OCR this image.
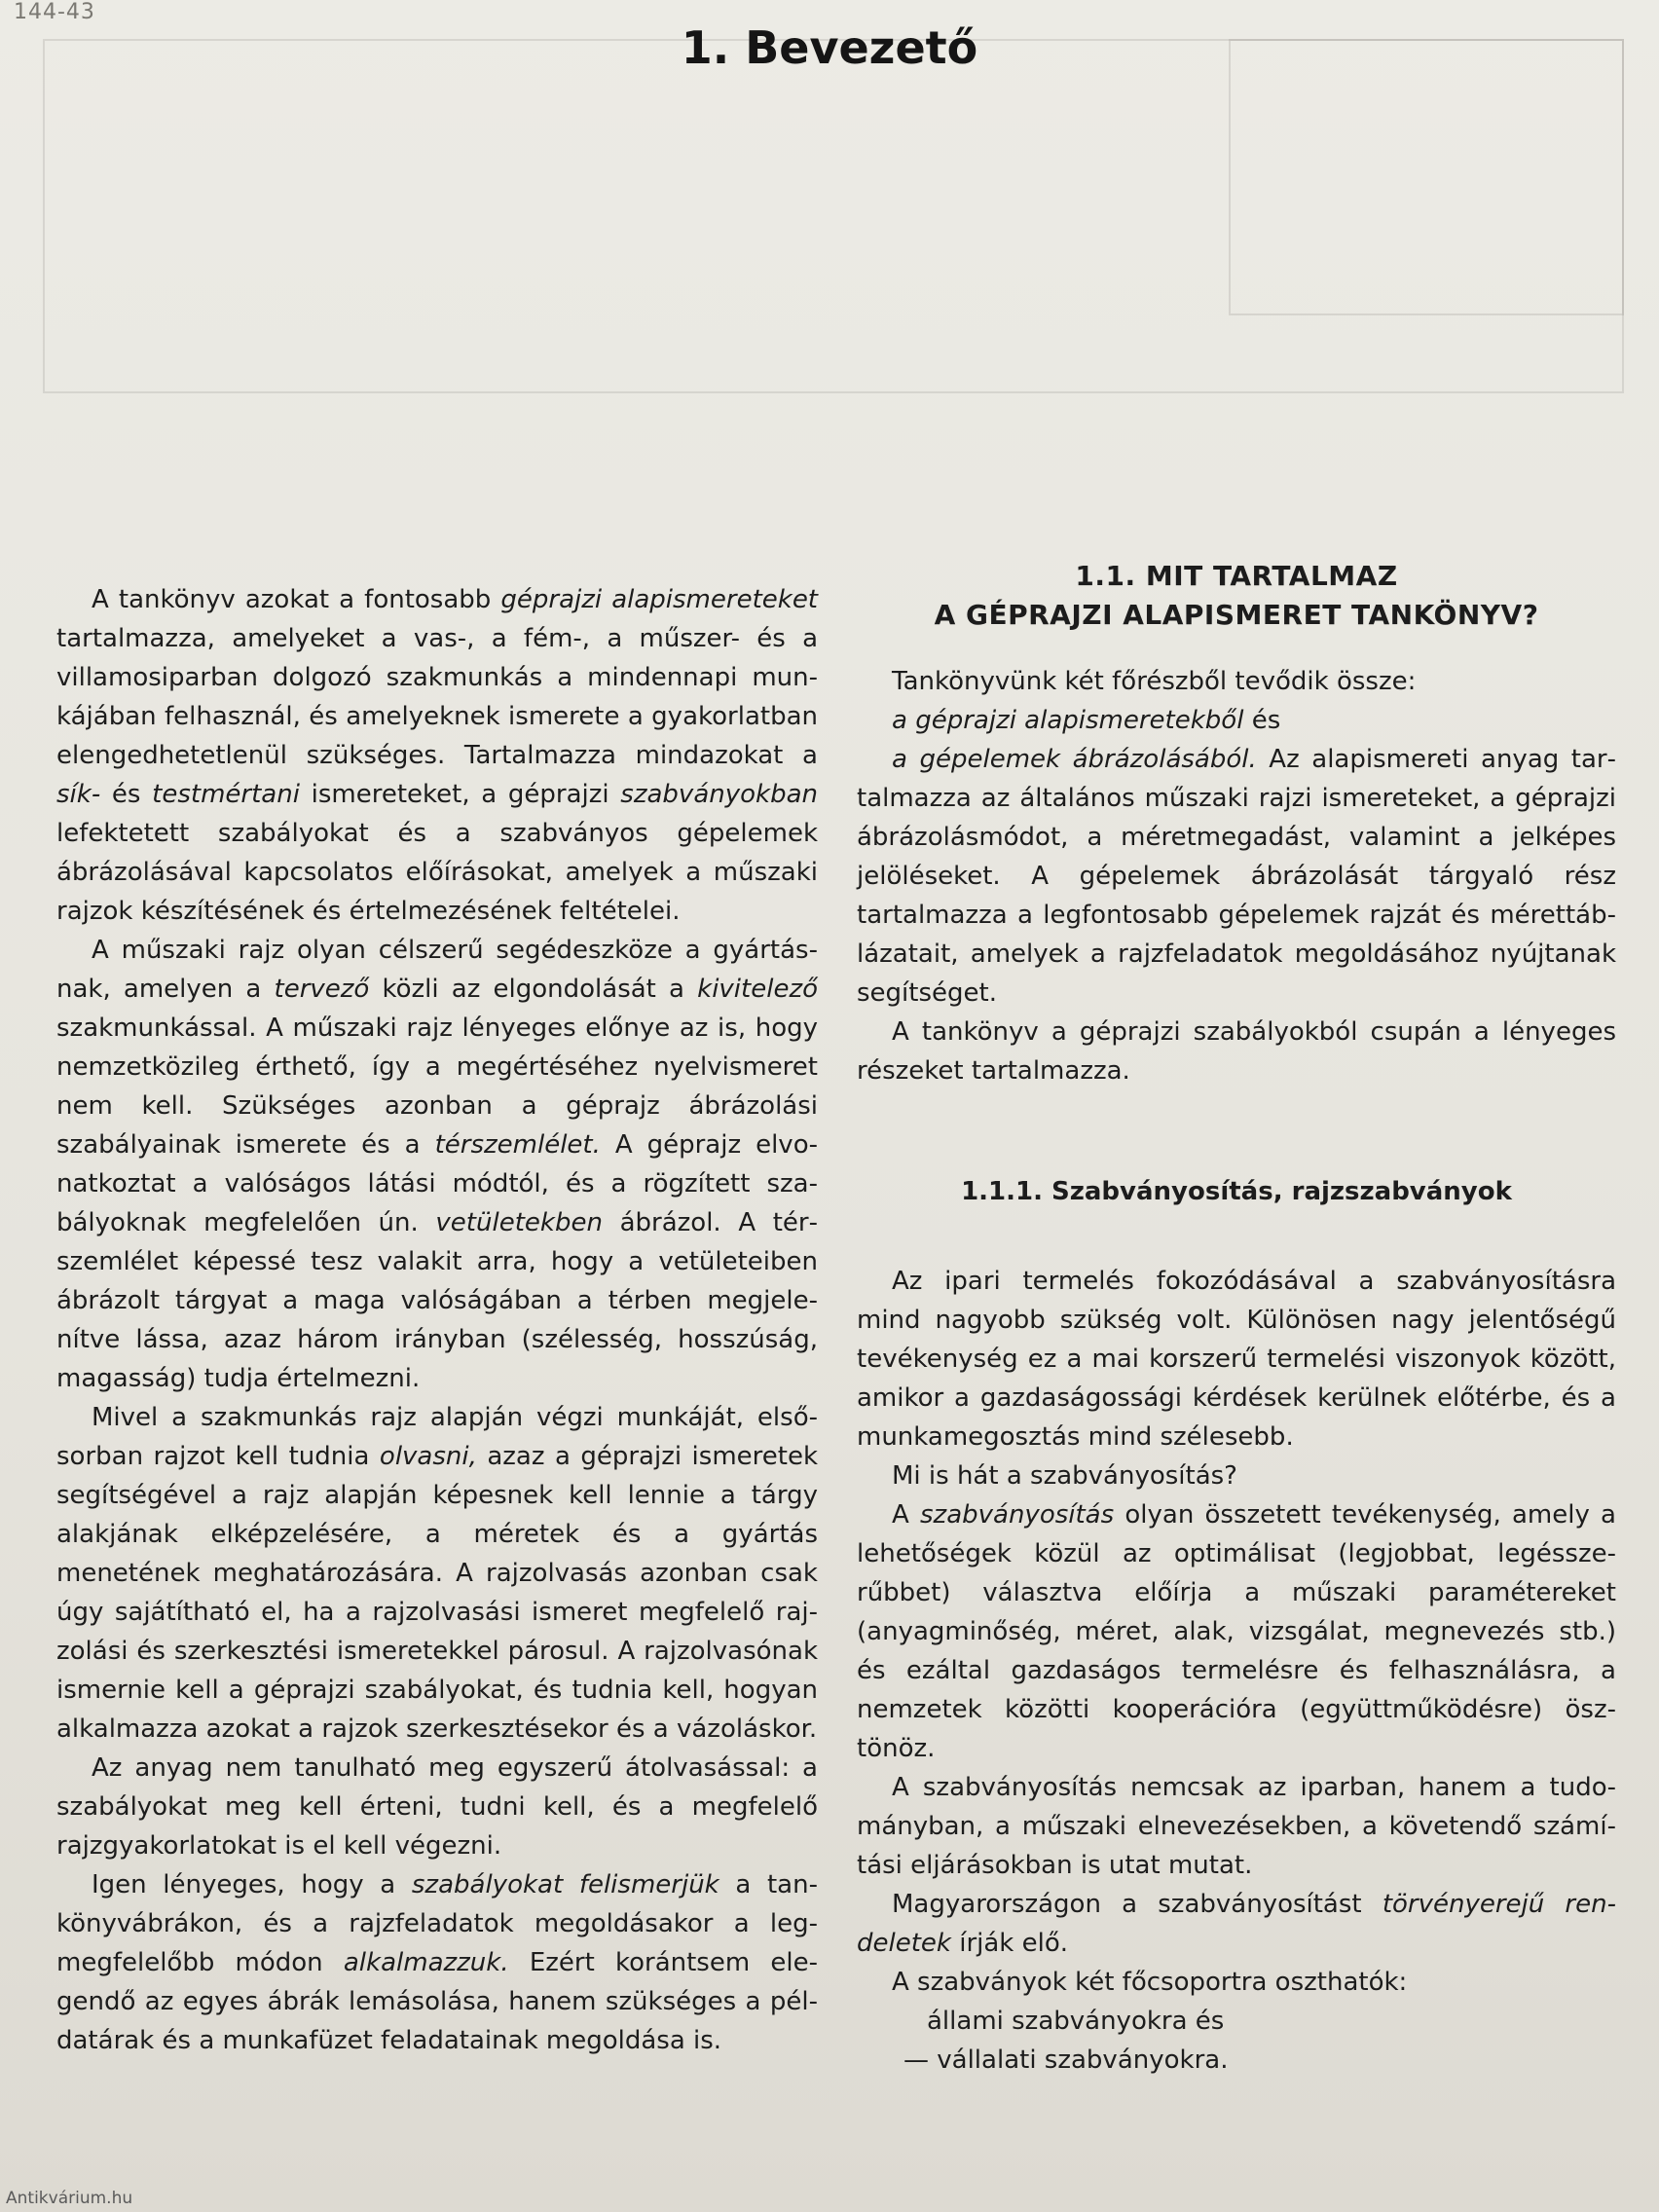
144-43
1. Bevezető

A tankönyv azokat a fontosabb géprajzi alapismereteket tartalmazza, amelyeket a vas-, a fém-, a műszer- és a villamosiparban dolgozó szakmunkás a mindennapi munkájában felhasznál, és amelyeknek ismerete a gyakorlatban elengedhetetlenül szükséges. Tartalmazza mindazokat a sík- és testmértani ismereteket, a géprajzi szabványokban lefektetett szabályokat és a szabványos gépelemek ábrázolásával kapcsolatos előírásokat, amelyek a műszaki rajzok készítésének és értelmezésének feltételei.

A műszaki rajz olyan célszerű segédeszköze a gyártásnak, amelyen a tervező közli az elgondolását a kivitelező szakmunkással. A műszaki rajz lényeges előnye az is, hogy nemzetközileg érthető, így a megértéséhez nyelvismeret nem kell. Szükséges azonban a géprajz ábrázolási szabályainak ismerete és a térszemlélet. A géprajz elvonatkoztat a valóságos látási módtól, és a rögzített szabályoknak megfelelően ún. vetületekben ábrázol. A térszemlélet képessé tesz valakit arra, hogy a vetületeiben ábrázolt tárgyat a maga valóságában a térben megjelenítve lássa, azaz három irányban (szélesség, hosszúság, magasság) tudja értelmezni.

Mivel a szakmunkás rajz alapján végzi munkáját, elsősorban rajzot kell tudnia olvasni, azaz a géprajzi ismeretek segítségével a rajz alapján képesnek kell lennie a tárgy alakjának elképzelésére, a méretek és a gyártás menetének meghatározására. A rajzolvasás azonban csak úgy sajátítható el, ha a rajzolvasási ismeret megfelelő rajzolási és szerkesztési ismeretekkel párosul. A rajzolvasónak ismernie kell a géprajzi szabályokat, és tudnia kell, hogyan alkalmazza azokat a rajzok szerkesztésekor és a vázoláskor.

Az anyag nem tanulható meg egyszerű átolvasással: a szabályokat meg kell érteni, tudni kell, és a megfelelő rajzgyakorlatokat is el kell végezni.

Igen lényeges, hogy a szabályokat felismerjük a tankönyvábrákon, és a rajzfeladatok megoldásakor a legmegfelelőbb módon alkalmazzuk. Ezért korántsem elegendő az egyes ábrák lemásolása, hanem szükséges a példatárak és a munkafüzet feladatainak megoldása is.

1.1. MIT TARTALMAZ
A GÉPRAJZI ALAPISMERET TANKÖNYV?

Tankönyvünk két főrészből tevődik össze:

a géprajzi alapismeretekből és

a gépelemek ábrázolásából. Az alapismereti anyag tartalmazza az általános műszaki rajzi ismereteket, a géprajzi ábrázolásmódot, a méretmegadást, valamint a jelképes jelöléseket. A gépelemek ábrázolását tárgyaló rész tartalmazza a legfontosabb gépelemek rajzát és mérettáblázatait, amelyek a rajzfeladatok megoldásához nyújtanak segítséget.

A tankönyv a géprajzi szabályokból csupán a lényeges részeket tartalmazza.

1.1.1. Szabványosítás, rajzszabványok

Az ipari termelés fokozódásával a szabványosításra mind nagyobb szükség volt. Különösen nagy jelentőségű tevékenység ez a mai korszerű termelési viszonyok között, amikor a gazdaságossági kérdések kerülnek előtérbe, és a munkamegosztás mind szélesebb.

Mi is hát a szabványosítás?

A szabványosítás olyan összetett tevékenység, amely a lehetőségek közül az optimálisat (legjobbat, legésszеrűbbet) választva előírja a műszaki paramétereket (anyagminőség, méret, alak, vizsgálat, megnevezés stb.) és ezáltal gazdaságos termelésre és felhasználásra, a nemzetek közötti kooperációra (együttműködésre) ösztönöz.

A szabványosítás nemcsak az iparban, hanem a tudományban, a műszaki elnevezésekben, a követendő számítási eljárásokban is utat mutat.

Magyarországon a szabványosítást törvényerejű rendeletek írják elő.

A szabványok két főcsoportra oszthatók:

állami szabványokra és

— vállalati szabványokra.

Antikvárium.hu
